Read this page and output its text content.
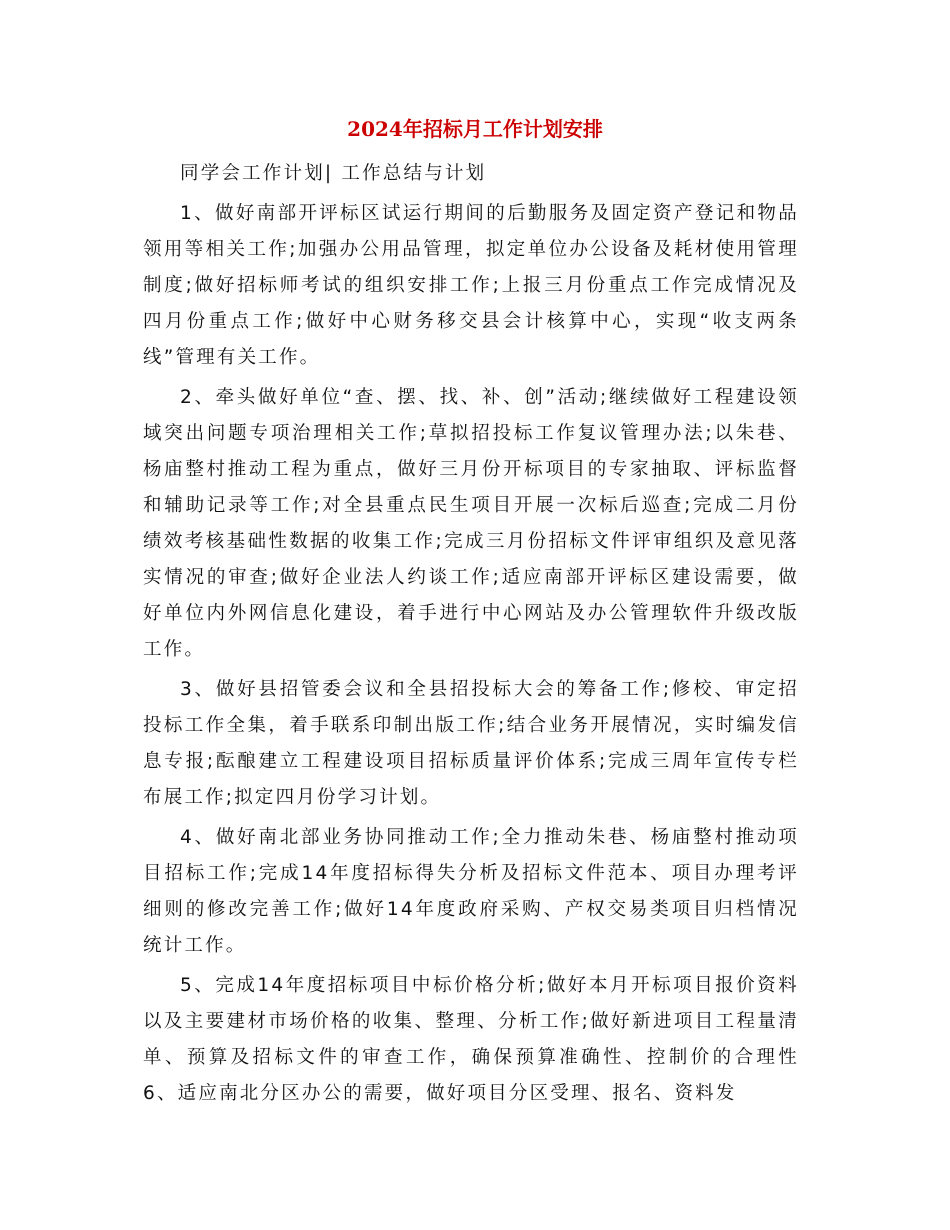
2024年招标月工作计划安排

同学会工作计划| 工作总结与计划

1、做好南部开评标区试运行期间的后勤服务及固定资产登记和物品领用等相关工作;加强办公用品管理，拟定单位办公设备及耗材使用管理制度;做好招标师考试的组织安排工作;上报三月份重点工作完成情况及四月份重点工作;做好中心财务移交县会计核算中心，实现“收支两条线”管理有关工作。

2、牵头做好单位“查、摆、找、补、创”活动;继续做好工程建设领域突出问题专项治理相关工作;草拟招投标工作复议管理办法;以朱巷、杨庙整村推动工程为重点，做好三月份开标项目的专家抽取、评标监督和辅助记录等工作;对全县重点民生项目开展一次标后巡查;完成二月份绩效考核基础性数据的收集工作;完成三月份招标文件评审组织及意见落实情况的审查;做好企业法人约谈工作;适应南部开评标区建设需要，做好单位内外网信息化建设，着手进行中心网站及办公管理软件升级改版工作。

3、做好县招管委会议和全县招投标大会的筹备工作;修校、审定招投标工作全集，着手联系印制出版工作;结合业务开展情况，实时编发信息专报;酝酿建立工程建设项目招标质量评价体系;完成三周年宣传专栏布展工作;拟定四月份学习计划。

4、做好南北部业务协同推动工作;全力推动朱巷、杨庙整村推动项目招标工作;完成14年度招标得失分析及招标文件范本、项目办理考评细则的修改完善工作;做好14年度政府采购、产权交易类项目归档情况统计工作。

5、完成14年度招标项目中标价格分析;做好本月开标项目报价资料以及主要建材市场价格的收集、整理、分析工作;做好新进项目工程量清单、预算及招标文件的审查工作，确保预算准确性、控制价的合理性 6、适应南北分区办公的需要，做好项目分区受理、报名、资料发
